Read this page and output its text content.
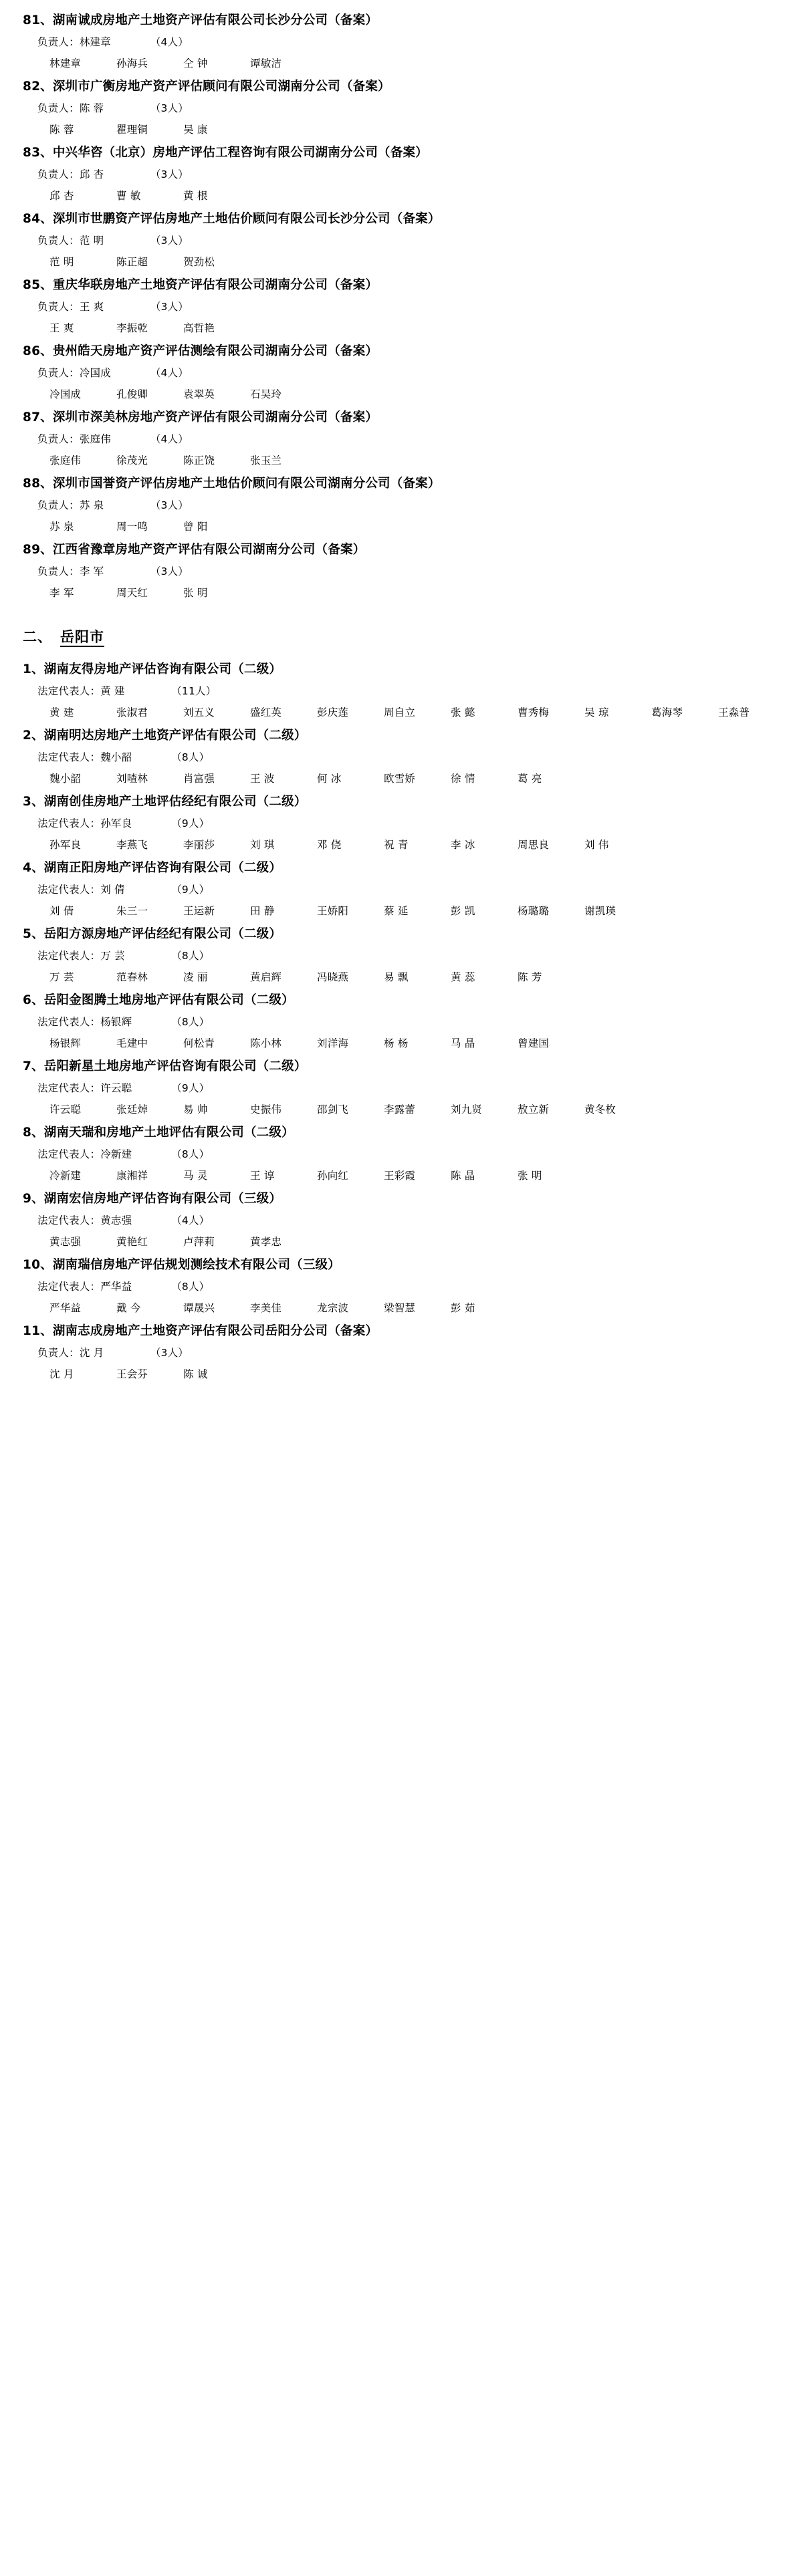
81、湖南诚成房地产土地资产评估有限公司长沙分公司（备案）
负责人：林建章	（4人）
林建章	孙海兵	仝 钟	谭敏洁
82、深圳市广衡房地产资产评估顾问有限公司湖南分公司（备案）
负责人：陈 蓉	（3人）
陈 蓉	瞿理铜	吴 康
83、中兴华咨（北京）房地产评估工程咨询有限公司湖南分公司（备案）
负责人：邱 杏	（3人）
邱 杏	曹 敏	黄 根
84、深圳市世鹏资产评估房地产土地估价顾问有限公司长沙分公司（备案）
负责人：范 明	（3人）
范 明	陈正超	贺劲松
85、重庆华联房地产土地资产评估有限公司湖南分公司（备案）
负责人：王 爽	（3人）
王 爽	李振乾	高哲艳
86、贵州皓天房地产资产评估测绘有限公司湖南分公司（备案）
负责人：冷国成	（4人）
冷国成	孔俊卿	袁翠英	石吴玲
87、深圳市深美林房地产资产评估有限公司湖南分公司（备案）
负责人：张庭伟	（4人）
张庭伟	徐茂光	陈正饶	张玉兰
88、深圳市国誉资产评估房地产土地估价顾问有限公司湖南分公司（备案）
负责人：苏 泉	（3人）
苏 泉	周一鸣	曾 阳
89、江西省豫章房地产资产评估有限公司湖南分公司（备案）
负责人：李 军	（3人）
李 军	周天红	张 明
二、 岳阳市
1、湖南友得房地产评估咨询有限公司（二级）
法定代表人：黄 建	（11人）
黄 建	张淑君	刘五义	盛红英	彭庆莲	周自立	张 懿	曹秀梅	吴 琼	葛海琴	王淼普
2、湖南明达房地产土地资产评估有限公司（二级）
法定代表人：魏小韶	（8人）
魏小韶	刘喳林	肖富强	王 波	何 冰	欧雪娇	徐 情	葛 亮
3、湖南创佳房地产土地评估经纪有限公司（二级）
法定代表人：孙军良	（9人）
孙军良	李燕飞	李丽莎	刘 琪	邓 侥	祝 青	李 冰	周思良	刘 伟
4、湖南正阳房地产评估咨询有限公司（二级）
法定代表人：刘 倩	（9人）
刘 倩	朱三一	王运新	田 静	王娇阳	蔡 延	彭 凯	杨璐璐	谢凯瑛
5、岳阳方源房地产评估经纪有限公司（二级）
法定代表人：万 芸	（8人）
万 芸	范春林	凌 丽	黄启辉	冯晓燕	易 飘	黄 蕊	陈 芳
6、岳阳金图腾土地房地产评估有限公司（二级）
法定代表人：杨银辉	（8人）
杨银辉	毛建中	何松青	陈小林	刘洋海	杨 杨	马 晶	曾建国
7、岳阳新星土地房地产评估咨询有限公司（二级）
法定代表人：许云聪	（9人）
许云聪	张廷焯	易 帅	史振伟	邵剑飞	李露蕾	刘九贤	敖立新	黄冬枚
8、湖南天瑞和房地产土地评估有限公司（二级）
法定代表人：冷新建	（8人）
冷新建	康湘祥	马 灵	王 谆	孙向红	王彩霞	陈 晶	张 明
9、湖南宏信房地产评估咨询有限公司（三级）
法定代表人：黄志强	（4人）
黄志强	黄艳红	卢萍莉	黄孝忠
10、湖南瑞信房地产评估规划测绘技术有限公司（三级）
法定代表人：严华益	（8人）
严华益	戴 今	谭晟兴	李美佳	龙宗波	梁智慧	彭 茹
11、湖南志成房地产土地资产评估有限公司岳阳分公司（备案）
负责人：沈 月	（3人）
沈 月	王会芬	陈 诚
